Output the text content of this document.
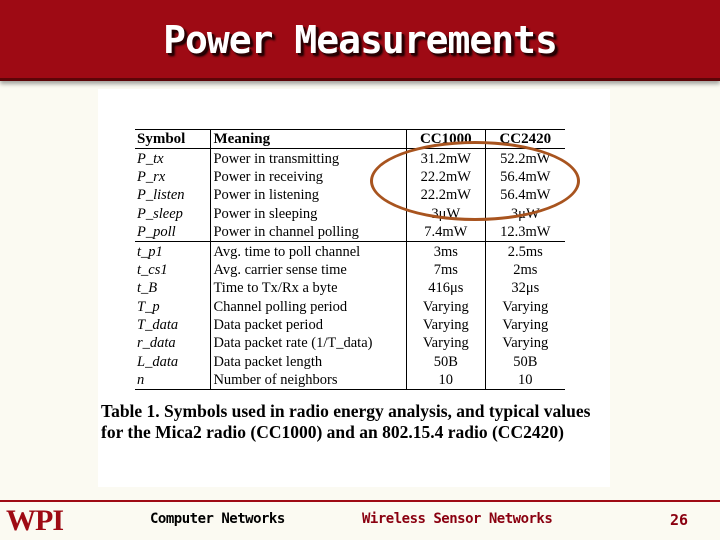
Power Measurements
Symbol	Meaning	CC1000	CC2420
P_tx	Power in transmitting	31.2mW	52.2mW
P_rx	Power in receiving	22.2mW	56.4mW
P_listen	Power in listening	22.2mW	56.4mW
P_sleep	Power in sleeping	3μW	3μW
P_poll	Power in channel polling	7.4mW	12.3mW
t_p1	Avg. time to poll channel	3ms	2.5ms
t_cs1	Avg. carrier sense time	7ms	2ms
t_B	Time to Tx/Rx a byte	416μs	32μs
T_p	Channel polling period	Varying	Varying
T_data	Data packet period	Varying	Varying
r_data	Data packet rate (1/T_data)	Varying	Varying
L_data	Data packet length	50B	50B
n	Number of neighbors	10	10
Table 1. Symbols used in radio energy analysis, and typical values for the Mica2 radio (CC1000) and an 802.15.4 radio (CC2420)
WPI	Computer Networks	Wireless Sensor Networks	26
